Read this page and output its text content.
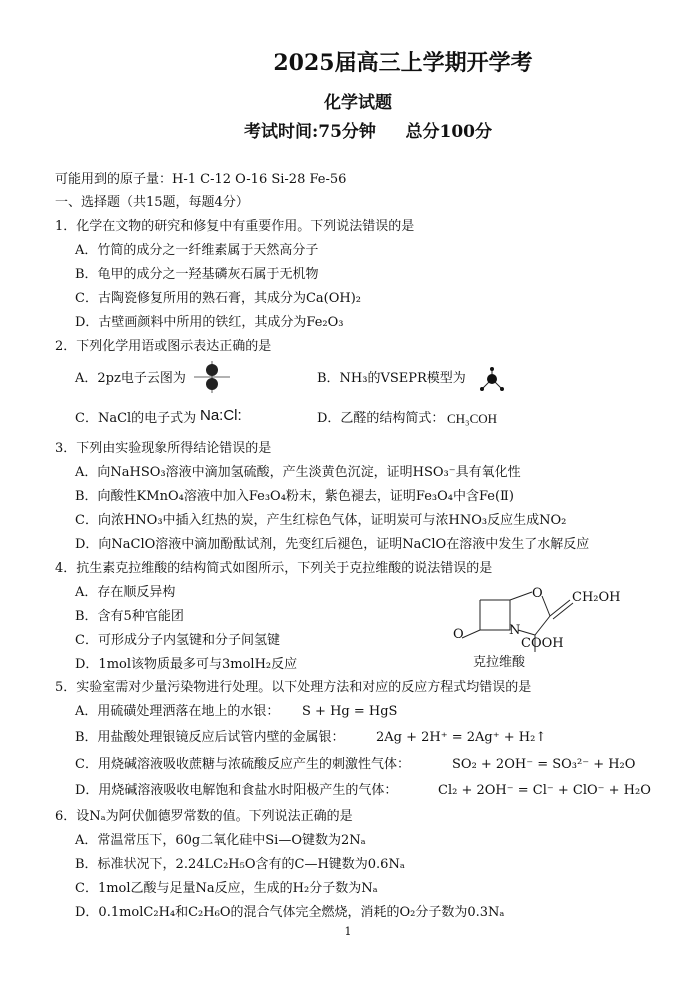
2025届高三上学期开学考
化学试题
考试时间:75分钟     总分100分
可能用到的原子量：H-1 C-12 O-16 Si-28 Fe-56
一、选择题（共15题，每题4分）
1．化学在文物的研究和修复中有重要作用。下列说法错误的是
A．竹简的成分之一纤维素属于天然高分子
B．龟甲的成分之一羟基磷灰石属于无机物
C．古陶瓷修复所用的熟石膏，其成分为Ca(OH)₂
D．古壁画颜料中所用的铁红，其成分为Fe₂O₃
2．下列化学用语或图示表达正确的是
A．2pz电子云图为	B．NH₃的VSEPR模型为
C．NaCl的电子式为 Na:Cl:	D．乙醛的结构简式： CH₃COH
3．下列由实验现象所得结论错误的是
A．向NaHSO₃溶液中滴加氢硫酸，产生淡黄色沉淀，证明HSO₃⁻具有氧化性
B．向酸性KMnO₄溶液中加入Fe₃O₄粉末，紫色褪去，证明Fe₃O₄中含Fe(Ⅱ)
C．向浓HNO₃中插入红热的炭，产生红棕色气体，证明炭可与浓HNO₃反应生成NO₂
D．向NaClO溶液中滴加酚酞试剂，先变红后褪色，证明NaClO在溶液中发生了水解反应
4．抗生素克拉维酸的结构简式如图所示，下列关于克拉维酸的说法错误的是
A．存在顺反异构
B．含有5种官能团
C．可形成分子内氢键和分子间氢键
D．1mol该物质最多可与3molH₂反应
O
O
N
CH₂OH
COOH
克拉维酸
5．实验室需对少量污染物进行处理。以下处理方法和对应的反应方程式均错误的是
A．用硫磺处理洒落在地上的水银： S + Hg = HgS
B．用盐酸处理银镜反应后试管内壁的金属银： 2Ag + 2H⁺ = 2Ag⁺ + H₂↑
C．用烧碱溶液吸收蔗糖与浓硫酸反应产生的刺激性气体：	SO₂ + 2OH⁻ = SO₃²⁻ + H₂O
D．用烧碱溶液吸收电解饱和食盐水时阳极产生的气体：	Cl₂ + 2OH⁻ = Cl⁻ + ClO⁻ + H₂O
6．设Nₐ为阿伏伽德罗常数的值。下列说法正确的是
A．常温常压下，60g二氧化硅中Si—O键数为2Nₐ
B．标准状况下，2.24LC₂H₅O含有的C—H键数为0.6Nₐ
C．1mol乙酸与足量Na反应，生成的H₂分子数为Nₐ
D．0.1molC₂H₄和C₂H₆O的混合气体完全燃烧，消耗的O₂分子数为0.3Nₐ
1
